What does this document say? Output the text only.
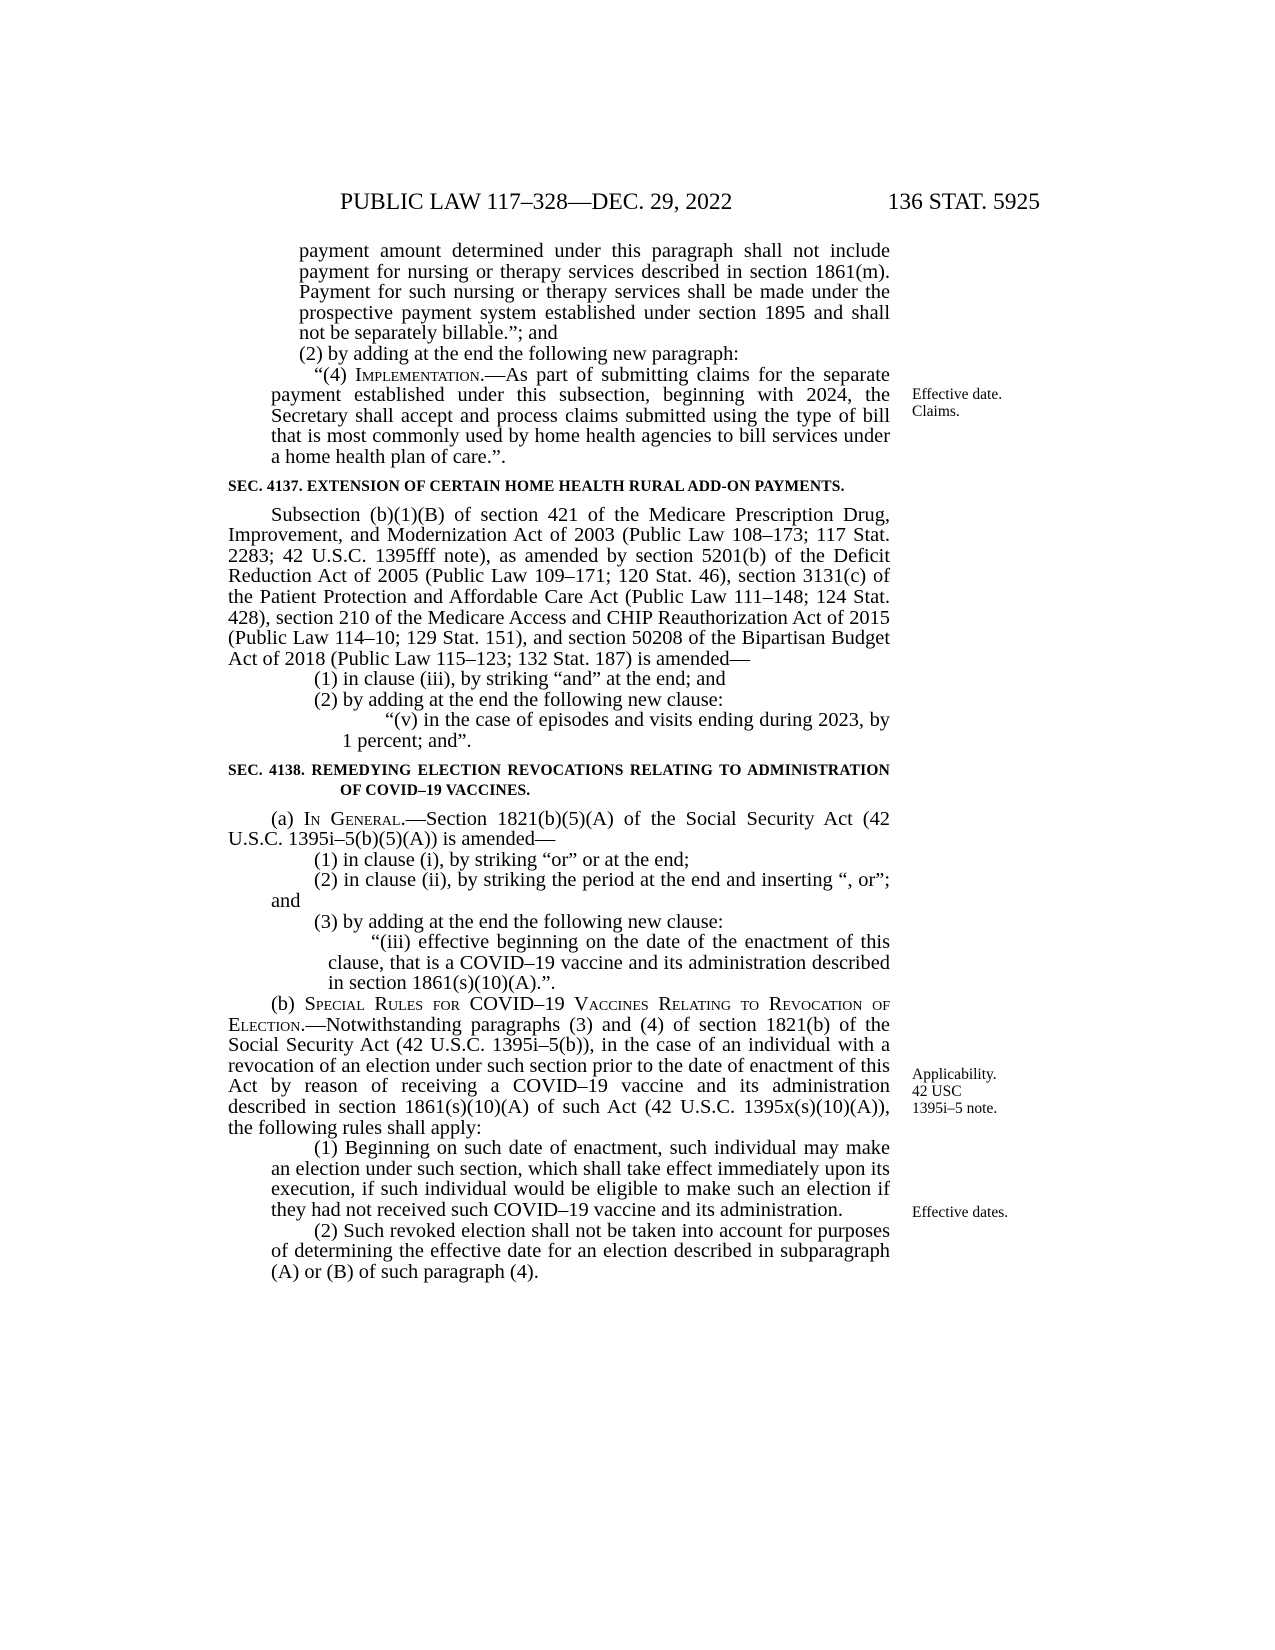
PUBLIC LAW 117–328—DEC. 29, 2022	136 STAT. 5925

payment amount determined under this paragraph shall not include payment for nursing or therapy services described in section 1861(m). Payment for such nursing or therapy services shall be made under the prospective payment system established under section 1895 and shall not be separately billable.”; and

(2) by adding at the end the following new paragraph:

“(4) Implementation.—As part of submitting claims for the separate payment established under this subsection, beginning with 2024, the Secretary shall accept and process claims submitted using the type of bill that is most commonly used by home health agencies to bill services under a home health plan of care.”.

SEC. 4137. EXTENSION OF CERTAIN HOME HEALTH RURAL ADD-ON PAYMENTS.

Subsection (b)(1)(B) of section 421 of the Medicare Prescription Drug, Improvement, and Modernization Act of 2003 (Public Law 108–173; 117 Stat. 2283; 42 U.S.C. 1395fff note), as amended by section 5201(b) of the Deficit Reduction Act of 2005 (Public Law 109–171; 120 Stat. 46), section 3131(c) of the Patient Protection and Affordable Care Act (Public Law 111–148; 124 Stat. 428), section 210 of the Medicare Access and CHIP Reauthorization Act of 2015 (Public Law 114–10; 129 Stat. 151), and section 50208 of the Bipartisan Budget Act of 2018 (Public Law 115–123; 132 Stat. 187) is amended—

(1) in clause (iii), by striking “and” at the end; and

(2) by adding at the end the following new clause:

“(v) in the case of episodes and visits ending during 2023, by 1 percent; and”.

SEC. 4138. REMEDYING ELECTION REVOCATIONS RELATING TO ADMINISTRATION OF COVID–19 VACCINES.

(a) In General.—Section 1821(b)(5)(A) of the Social Security Act (42 U.S.C. 1395i–5(b)(5)(A)) is amended—

(1) in clause (i), by striking “or” or at the end;

(2) in clause (ii), by striking the period at the end and inserting “, or”; and

(3) by adding at the end the following new clause:

“(iii) effective beginning on the date of the enactment of this clause, that is a COVID–19 vaccine and its administration described in section 1861(s)(10)(A).”.

(b) Special Rules for COVID–19 Vaccines Relating to Revocation of Election.—Notwithstanding paragraphs (3) and (4) of section 1821(b) of the Social Security Act (42 U.S.C. 1395i–5(b)), in the case of an individual with a revocation of an election under such section prior to the date of enactment of this Act by reason of receiving a COVID–19 vaccine and its administration described in section 1861(s)(10)(A) of such Act (42 U.S.C. 1395x(s)(10)(A)), the following rules shall apply:

(1) Beginning on such date of enactment, such individual may make an election under such section, which shall take effect immediately upon its execution, if such individual would be eligible to make such an election if they had not received such COVID–19 vaccine and its administration.

(2) Such revoked election shall not be taken into account for purposes of determining the effective date for an election described in subparagraph (A) or (B) of such paragraph (4).

Effective date.
Claims.
Applicability.
42 USC
1395i–5 note.
Effective dates.
